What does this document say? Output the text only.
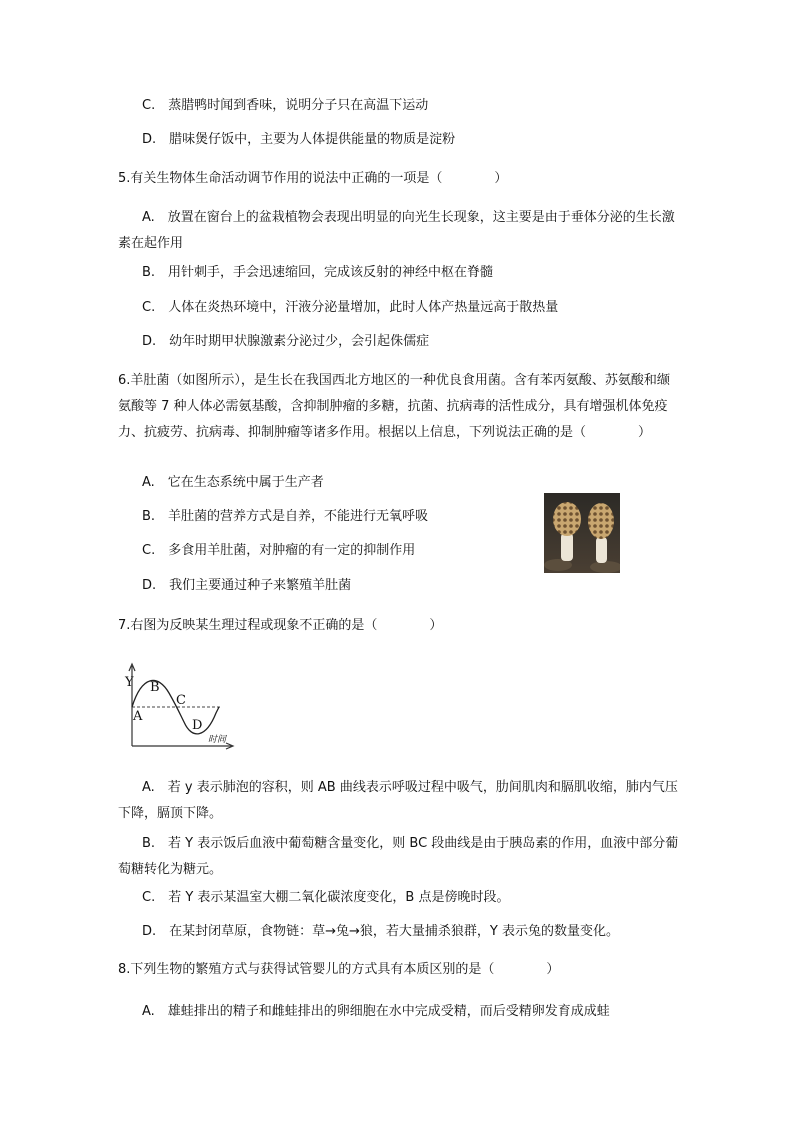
C.　蒸腊鸭时闻到香味，说明分子只在高温下运动
D.　腊味煲仔饭中，主要为人体提供能量的物质是淀粉
5.有关生物体生命活动调节作用的说法中正确的一项是（　　　　）
A.　放置在窗台上的盆栽植物会表现出明显的向光生长现象，这主要是由于垂体分泌的生长激素在起作用
B.　用针刺手，手会迅速缩回，完成该反射的神经中枢在脊髓
C.　人体在炎热环境中，汗液分泌量增加，此时人体产热量远高于散热量
D.　幼年时期甲状腺激素分泌过少，会引起侏儒症
6.羊肚菌（如图所示），是生长在我国西北方地区的一种优良食用菌。含有苯丙氨酸、苏氨酸和缬氨酸等 7 种人体必需氨基酸，含抑制肿瘤的多糖，抗菌、抗病毒的活性成分，具有增强机体免疫力、抗疲劳、抗病毒、抑制肿瘤等诸多作用。根据以上信息，下列说法正确的是（　　　　）
A.　它在生态系统中属于生产者
B.　羊肚菌的营养方式是自养，不能进行无氧呼吸
C.　多食用羊肚菌，对肿瘤的有一定的抑制作用
D.　我们主要通过种子来繁殖羊肚菌
7.右图为反映某生理过程或现象不正确的是（　　　　）
Y
A
B
C
D
时间
A.　若 y 表示肺泡的容积，则 AB 曲线表示呼吸过程中吸气，肋间肌肉和膈肌收缩，肺内气压下降，膈顶下降。
B.　若 Y 表示饭后血液中葡萄糖含量变化，则 BC 段曲线是由于胰岛素的作用，血液中部分葡萄糖转化为糖元。
C.　若 Y 表示某温室大棚二氧化碳浓度变化，B 点是傍晚时段。
D.　在某封闭草原，食物链：草→兔→狼，若大量捕杀狼群，Y 表示兔的数量变化。
8.下列生物的繁殖方式与获得试管婴儿的方式具有本质区别的是（　　　　）
A.　雄蛙排出的精子和雌蛙排出的卵细胞在水中完成受精，而后受精卵发育成成蛙
